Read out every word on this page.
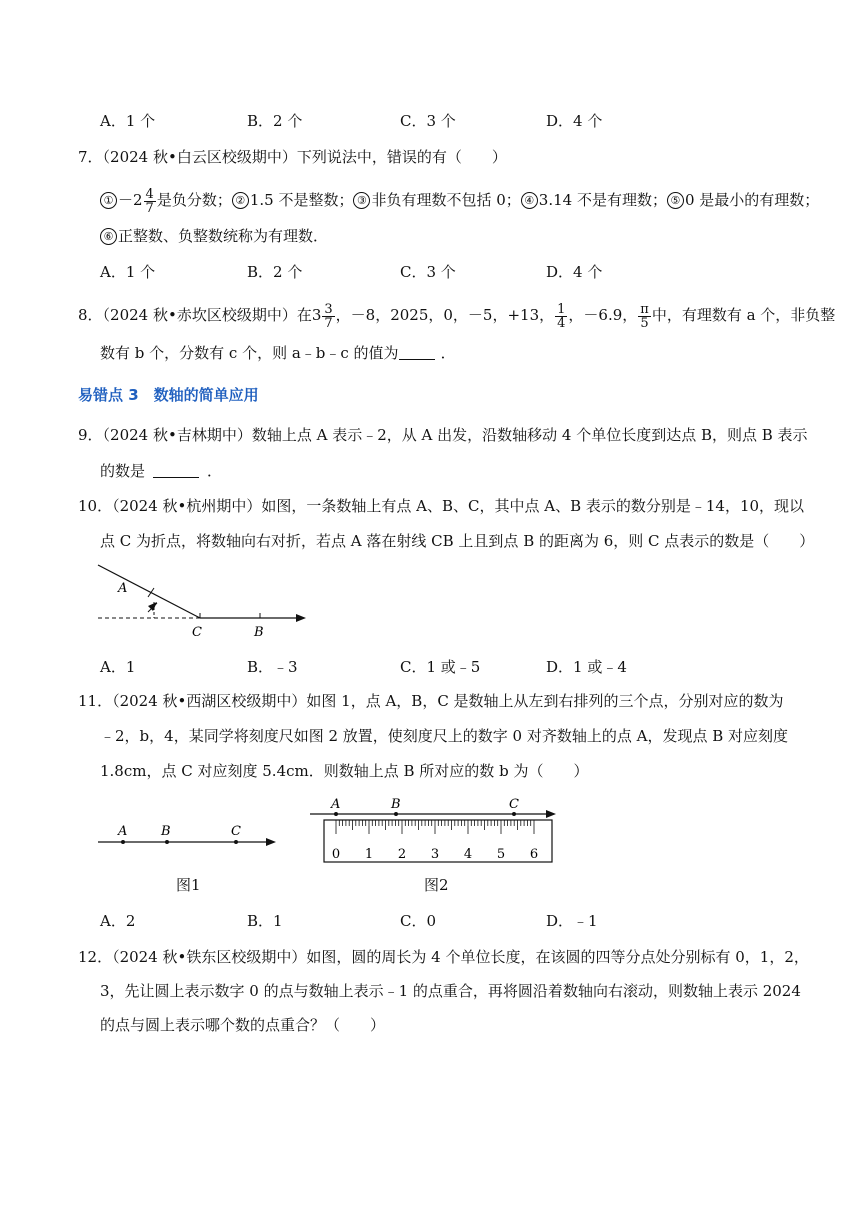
A．1 个	B．2 个	C．3 个	D．4 个
7．（2024 秋•白云区校级期中）下列说法中，错误的有（　　）
① $-2 \frac{4}{7}$ 是负分数； ② 1.5 不是整数； ③ 非负有理数不包括 0； ④ 3.14 不是有理数； ⑤ 0 是最小的有理数；
⑥ 正整数、负整数统称为有理数．
A．1 个	B．2 个	C．3 个	D．4 个
8．（2024 秋•赤坎区校级期中）在$3 \frac{3}{7}$ ，－8，2025，0，－5，+13， $\frac{1}{4}$ ，－6.9， $\frac{\pi}{5}$ 中，有理数有 a 个，非负整
数有 b 个，分数有 c 个，则 a﹣b﹣c 的值为	．
易错点 3　数轴的简单应用
9．（2024 秋•吉林期中）数轴上点 A 表示﹣2，从 A 出发，沿数轴移动 4 个单位长度到达点 B，则点 B 表示
的数是	．
10．（2024 秋•杭州期中）如图，一条数轴上有点 A、B、C，其中点 A、B 表示的数分别是﹣14，10，现以
点 C 为折点，将数轴向右对折，若点 A 落在射线 CB 上且到点 B 的距离为 6，则 C 点表示的数是（　　）
A
C	B
A．1	B．﹣3	C．1 或﹣5	D．1 或﹣4
11．（2024 秋•西湖区校级期中）如图 1，点 A，B，C 是数轴上从左到右排列的三个点，分别对应的数为
﹣2，b，4，某同学将刻度尺如图 2 放置，使刻度尺上的数字 0 对齐数轴上的点 A，发现点 B 对应刻度
1.8cm，点 C 对应刻度 5.4cm．则数轴上点 B 所对应的数 b 为（　　）
A	B	C
A	B	C
0 1 2 3 4 5 6
图1	图2
A．2	B．1	C．0	D．﹣1
12．（2024 秋•铁东区校级期中）如图，圆的周长为 4 个单位长度，在该圆的四等分点处分别标有 0，1，2，
3，先让圆上表示数字 0 的点与数轴上表示﹣1 的点重合，再将圆沿着数轴向右滚动，则数轴上表示 2024
的点与圆上表示哪个数的点重合？（　　）
